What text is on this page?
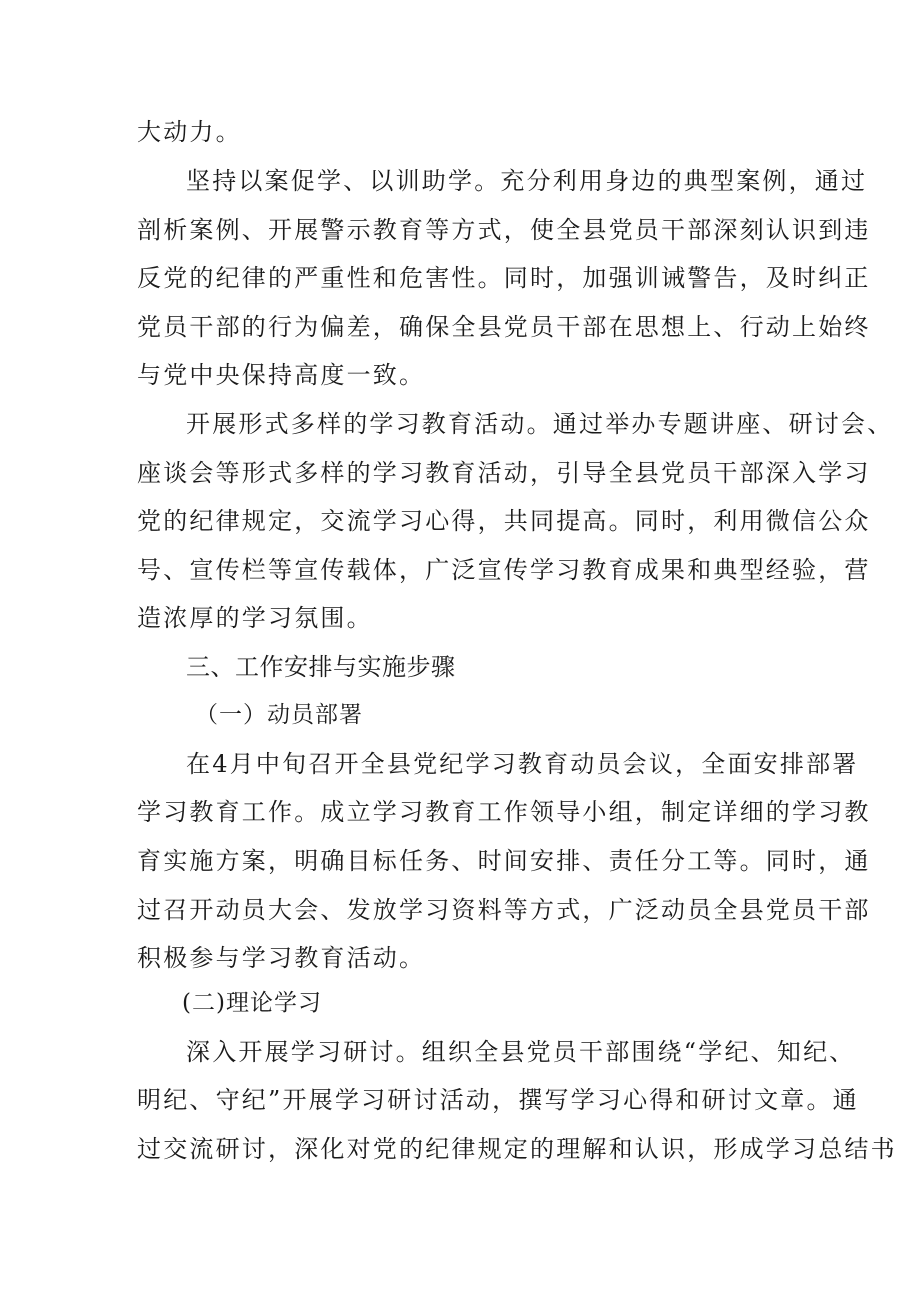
大动力。
坚持以案促学、以训助学。充分利用身边的典型案例，通过
剖析案例、开展警示教育等方式，使全县党员干部深刻认识到违
反党的纪律的严重性和危害性。同时，加强训诫警告，及时纠正
党员干部的行为偏差，确保全县党员干部在思想上、行动上始终
与党中央保持高度一致。
开展形式多样的学习教育活动。通过举办专题讲座、研讨会、
座谈会等形式多样的学习教育活动，引导全县党员干部深入学习
党的纪律规定，交流学习心得，共同提高。同时，利用微信公众
号、宣传栏等宣传载体，广泛宣传学习教育成果和典型经验，营
造浓厚的学习氛围。
三、工作安排与实施步骤
（一）动员部署
在4月中旬召开全县党纪学习教育动员会议，全面安排部署
学习教育工作。成立学习教育工作领导小组，制定详细的学习教
育实施方案，明确目标任务、时间安排、责任分工等。同时，通
过召开动员大会、发放学习资料等方式，广泛动员全县党员干部
积极参与学习教育活动。
(二)理论学习
深入开展学习研讨。组织全县党员干部围绕“学纪、知纪、
明纪、守纪”开展学习研讨活动，撰写学习心得和研讨文章。通
过交流研讨，深化对党的纪律规定的理解和认识，形成学习总结书
